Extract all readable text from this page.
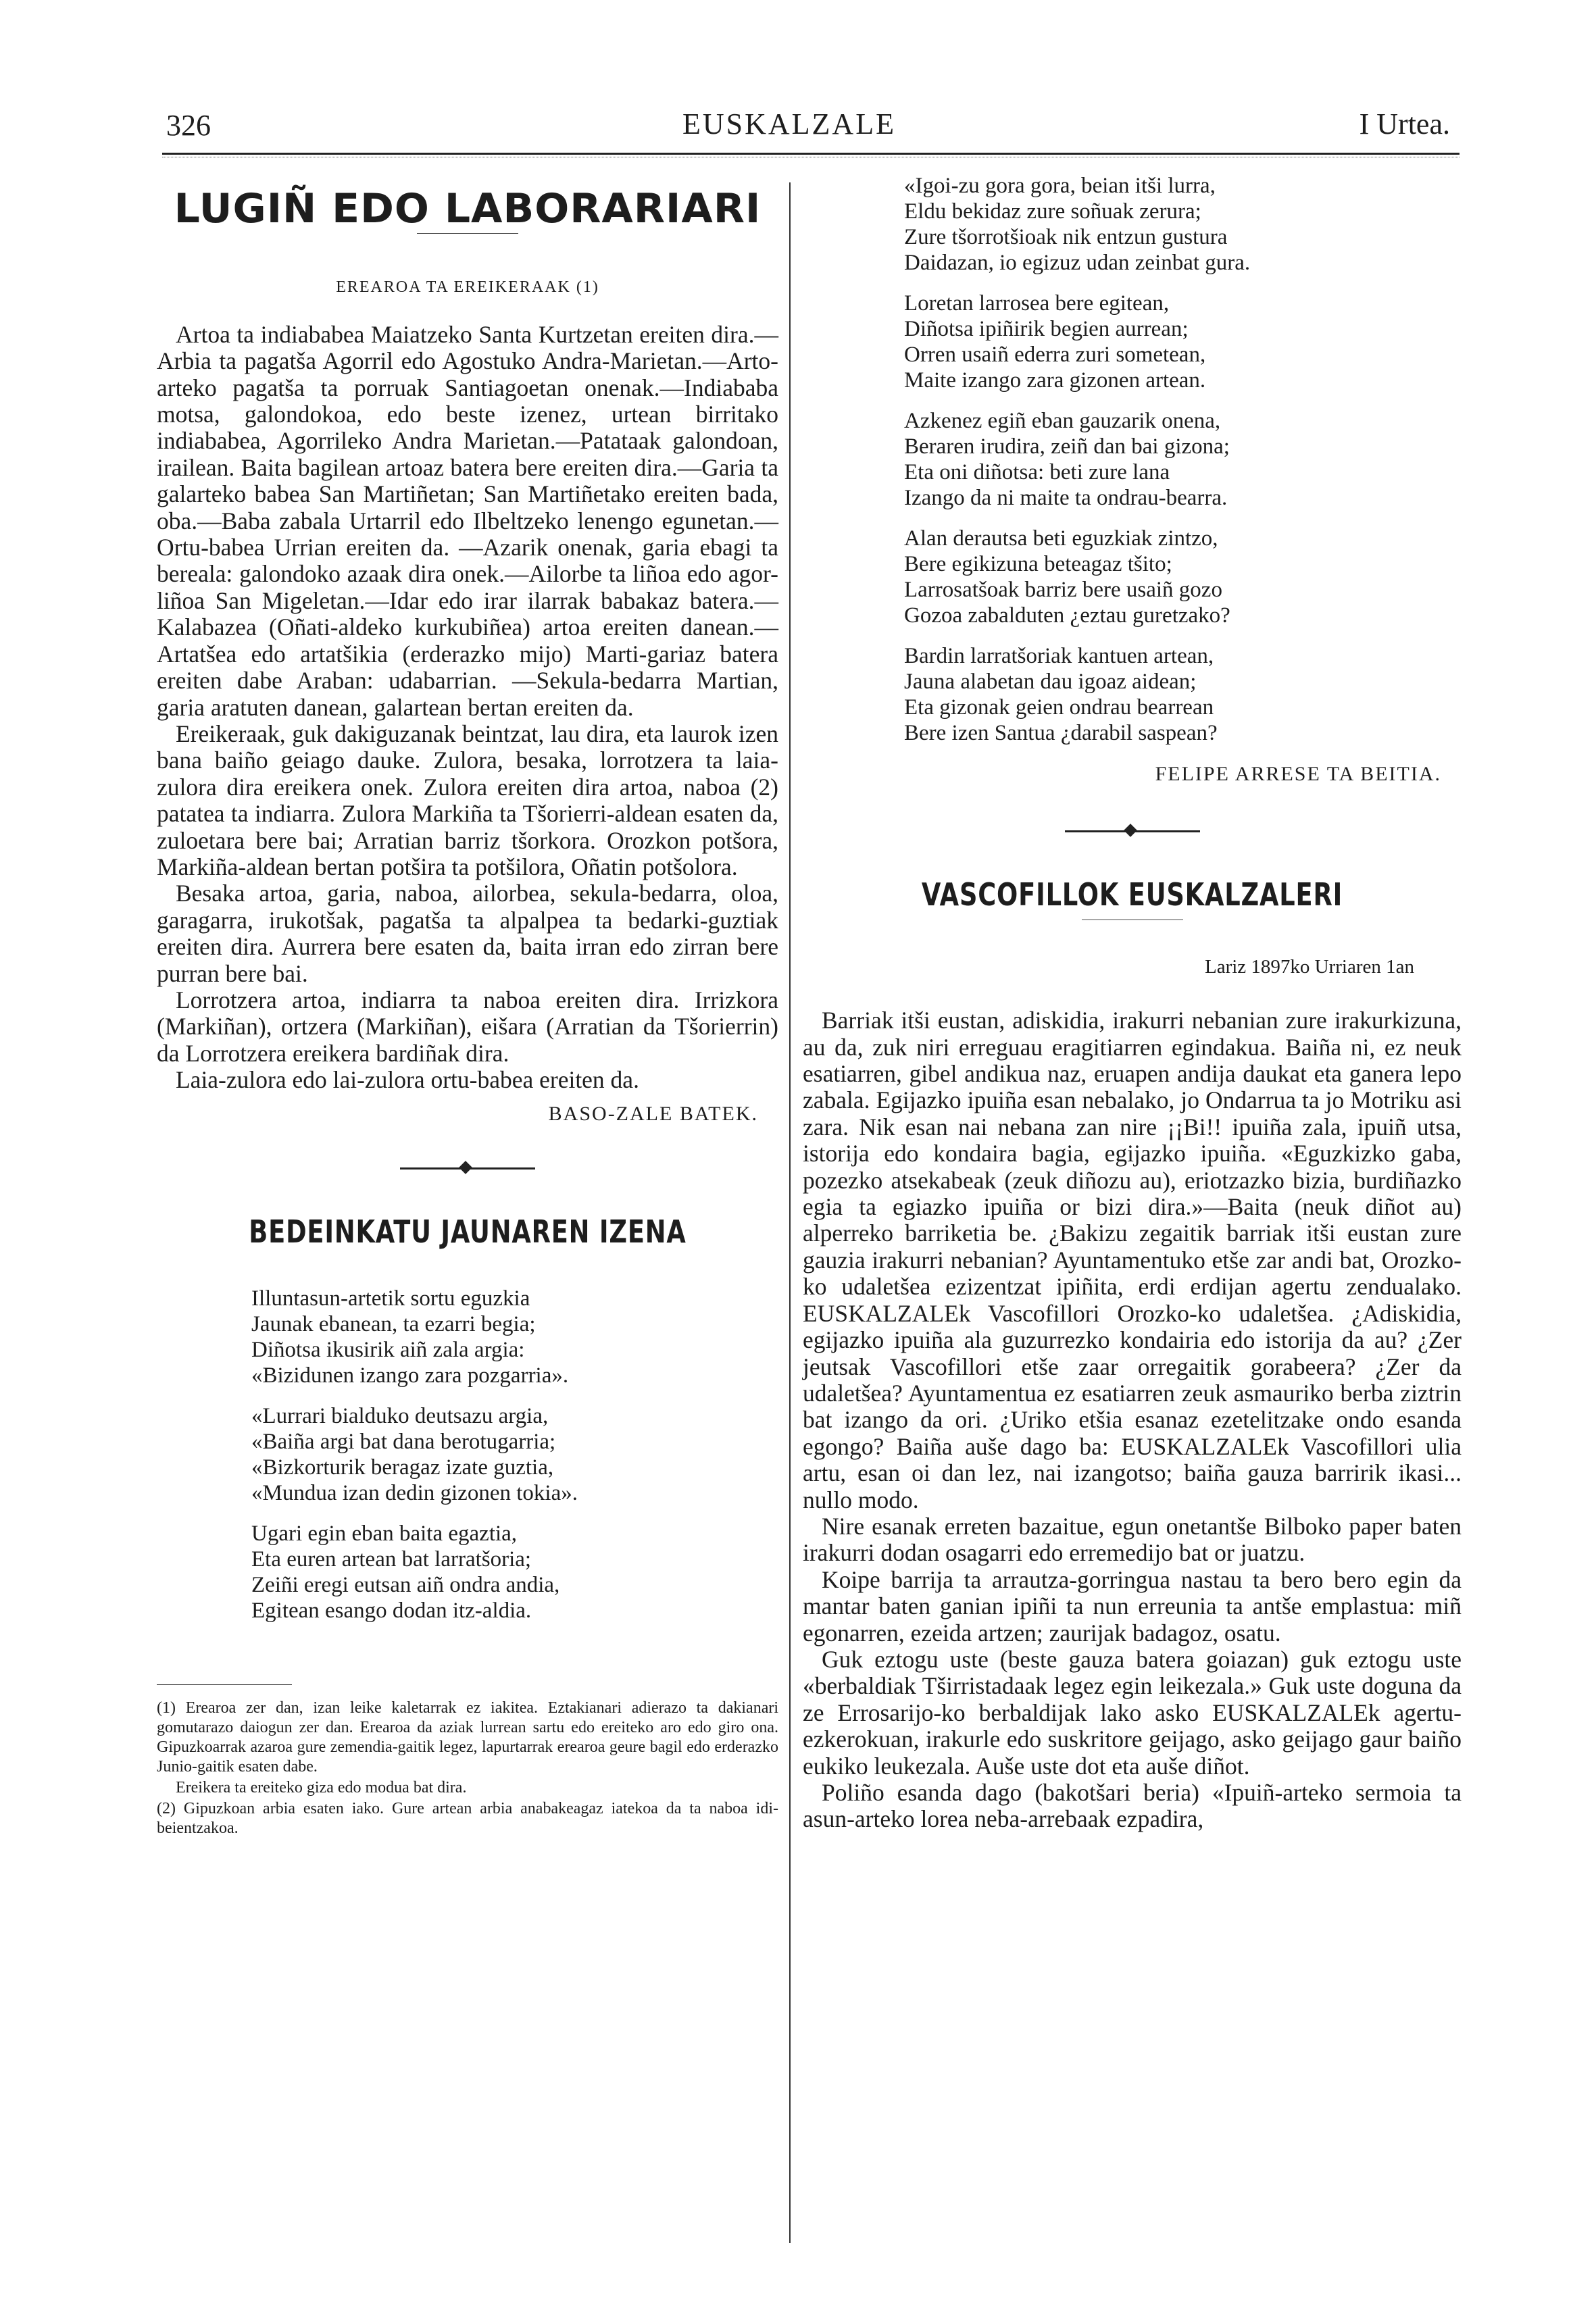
326	EUSKALZALE	I Urtea.
LUGIÑ EDO LABORARIARI
EREAROA TA EREIKERAAK (1)

Artoa ta indiababea Maiatzeko Santa Kurtzetan ereiten dira.—Arbia ta pagatša Agorril edo Agostuko Andra-Marietan.—Arto-arteko pagatša ta porruak Santiagoetan onenak.—Indiababa motsa, galondokoa, edo beste izenez, urtean birritako indiababea, Agorrileko Andra Marietan.—Patataak galondoan, irailean. Baita bagilean artoaz batera bere ereiten dira.—Garia ta galarteko babea San Martiñetan; San Martiñetako ereiten bada, oba.—Baba zabala Urtarril edo Ilbeltzeko lenengo egunetan.—Ortu-babea Urrian ereiten da. —Azarik onenak, garia ebagi ta bereala: galondoko azaak dira onek.—Ailorbe ta liñoa edo agor-liñoa San Migeletan.—Idar edo irar ilarrak babakaz batera.—Kalabazea (Oñati-aldeko kurkubiñea) artoa ereiten danean.—Artatšea edo artatšikia (erderazko mijo) Marti-gariaz batera ereiten dabe Araban: udabarrian. —Sekula-bedarra Martian, garia aratuten danean, galartean bertan ereiten da.

Ereikeraak, guk dakiguzanak beintzat, lau dira, eta laurok izen bana baiño geiago dauke. Zulora, besaka, lorrotzera ta laia-zulora dira ereikera onek. Zulora ereiten dira artoa, naboa (2) patatea ta indiarra. Zulora Markiña ta Tšorierri-aldean esaten da, zuloetara bere bai; Arratian barriz tšorkora. Orozkon potšora, Markiña-aldean bertan potšira ta potšilora, Oñatin potšolora.

Besaka artoa, garia, naboa, ailorbea, sekula-bedarra, oloa, garagarra, irukotšak, pagatša ta alpalpea ta bedarki-guztiak ereiten dira. Aurrera bere esaten da, baita irran edo zirran bere purran bere bai.

Lorrotzera artoa, indiarra ta naboa ereiten dira. Irrizkora (Markiñan), ortzera (Markiñan), eišara (Arratian da Tšorierrin) da Lorrotzera ereikera bardiñak dira.

Laia-zulora edo lai-zulora ortu-babea ereiten da.

BASO-ZALE BATEK.
BEDEINKATU JAUNAREN IZENA
Illuntasun-artetik sortu eguzkia
Jaunak ebanean, ta ezarri begia;
Diñotsa ikusirik aiñ zala argia:
«Bizidunen izango zara pozgarria».
«Lurrari bialduko deutsazu argia,
«Baiña argi bat dana berotugarria;
«Bizkorturik beragaz izate guztia,
«Mundua izan dedin gizonen tokia».
Ugari egin eban baita egaztia,
Eta euren artean bat larratšoria;
Zeiñi eregi eutsan aiñ ondra andia,
Egitean esango dodan itz-aldia.

(1) Erearoa zer dan, izan leike kaletarrak ez iakitea. Eztakianari adierazo ta dakianari gomutarazo daiogun zer dan. Erearoa da aziak lurrean sartu edo ereiteko aro edo giro ona. Gipuzkoarrak azaroa gure zemendia-gaitik legez, lapurtarrak erearoa geure bagil edo erderazko Junio-gaitik esaten dabe.

Ereikera ta ereiteko giza edo modua bat dira.

(2) Gipuzkoan arbia esaten iako. Gure artean arbia anabakeagaz iatekoa da ta naboa idi-beientzakoa.

«Igoi-zu gora gora, beian itši lurra,
Eldu bekidaz zure soñuak zerura;
Zure tšorrotšioak nik entzun gustura
Daidazan, io egizuz udan zeinbat gura.
Loretan larrosea bere egitean,
Diñotsa ipiñirik begien aurrean;
Orren usaiñ ederra zuri sometean,
Maite izango zara gizonen artean.
Azkenez egiñ eban gauzarik onena,
Beraren irudira, zeiñ dan bai gizona;
Eta oni diñotsa: beti zure lana
Izango da ni maite ta ondrau-bearra.
Alan derautsa beti eguzkiak zintzo,
Bere egikizuna beteagaz tšito;
Larrosatšoak barriz bere usaiñ gozo
Gozoa zabalduten ¿eztau guretzako?
Bardin larratšoriak kantuen artean,
Jauna alabetan dau igoaz aidean;
Eta gizonak geien ondrau bearrean
Bere izen Santua ¿darabil saspean?
FELIPE ARRESE TA BEITIA.
VASCOFILLOK EUSKALZALERI
Lariz 1897ko Urriaren 1an

Barriak itši eustan, adiskidia, irakurri nebanian zure irakurkizuna, au da, zuk niri erreguau eragitiarren egindakua. Baiña ni, ez neuk esatiarren, gibel andikua naz, eruapen andija daukat eta ganera lepo zabala. Egijazko ipuiña esan nebalako, jo Ondarrua ta jo Motriku asi zara. Nik esan nai nebana zan nire ¡¡Bi!! ipuiña zala, ipuiñ utsa, istorija edo kondaira bagia, egijazko ipuiña. «Eguzkizko gaba, pozezko atsekabeak (zeuk diñozu au), eriotzazko bizia, burdiñazko egia ta egiazko ipuiña or bizi dira.»—Baita (neuk diñot au) alperreko barriketia be. ¿Bakizu zegaitik barriak itši eustan zure gauzia irakurri nebanian? Ayuntamentuko etše zar andi bat, Orozko-ko udaletšea ezizentzat ipiñita, erdi erdijan agertu zendualako. EUSKALZALEk Vascofillori Orozko-ko udaletšea. ¿Adiskidia, egijazko ipuiña ala guzurrezko kondairia edo istorija da au? ¿Zer jeutsak Vascofillori etše zaar orregaitik gorabeera? ¿Zer da udaletšea? Ayuntamentua ez esatiarren zeuk asmauriko berba ziztrin bat izango da ori. ¿Uriko etšia esanaz ezetelitzake ondo esanda egongo? Baiña auše dago ba: EUSKALZALEk Vascofillori ulia artu, esan oi dan lez, nai izangotso; baiña gauza barririk ikasi... nullo modo.

Nire esanak erreten bazaitue, egun onetantše Bilboko paper baten irakurri dodan osagarri edo erremedijo bat or juatzu.

Koipe barrija ta arrautza-gorringua nastau ta bero bero egin da mantar baten ganian ipiñi ta nun erreunia ta antše emplastua: miñ egonarren, ezeida artzen; zaurijak badagoz, osatu.

Guk eztogu uste (beste gauza batera goiazan) guk eztogu uste «berbaldiak Tširristadaak legez egin leikezala.» Guk uste doguna da ze Errosarijo-ko berbaldijak lako asko EUSKALZALEk agertu-ezkerokuan, irakurle edo suskritore geijago, asko geijago gaur baiño eukiko leukezala. Auše uste dot eta auše diñot.

Poliño esanda dago (bakotšari beria) «Ipuiñ-arteko sermoia ta asun-arteko lorea neba-arrebaak ezpadira,
